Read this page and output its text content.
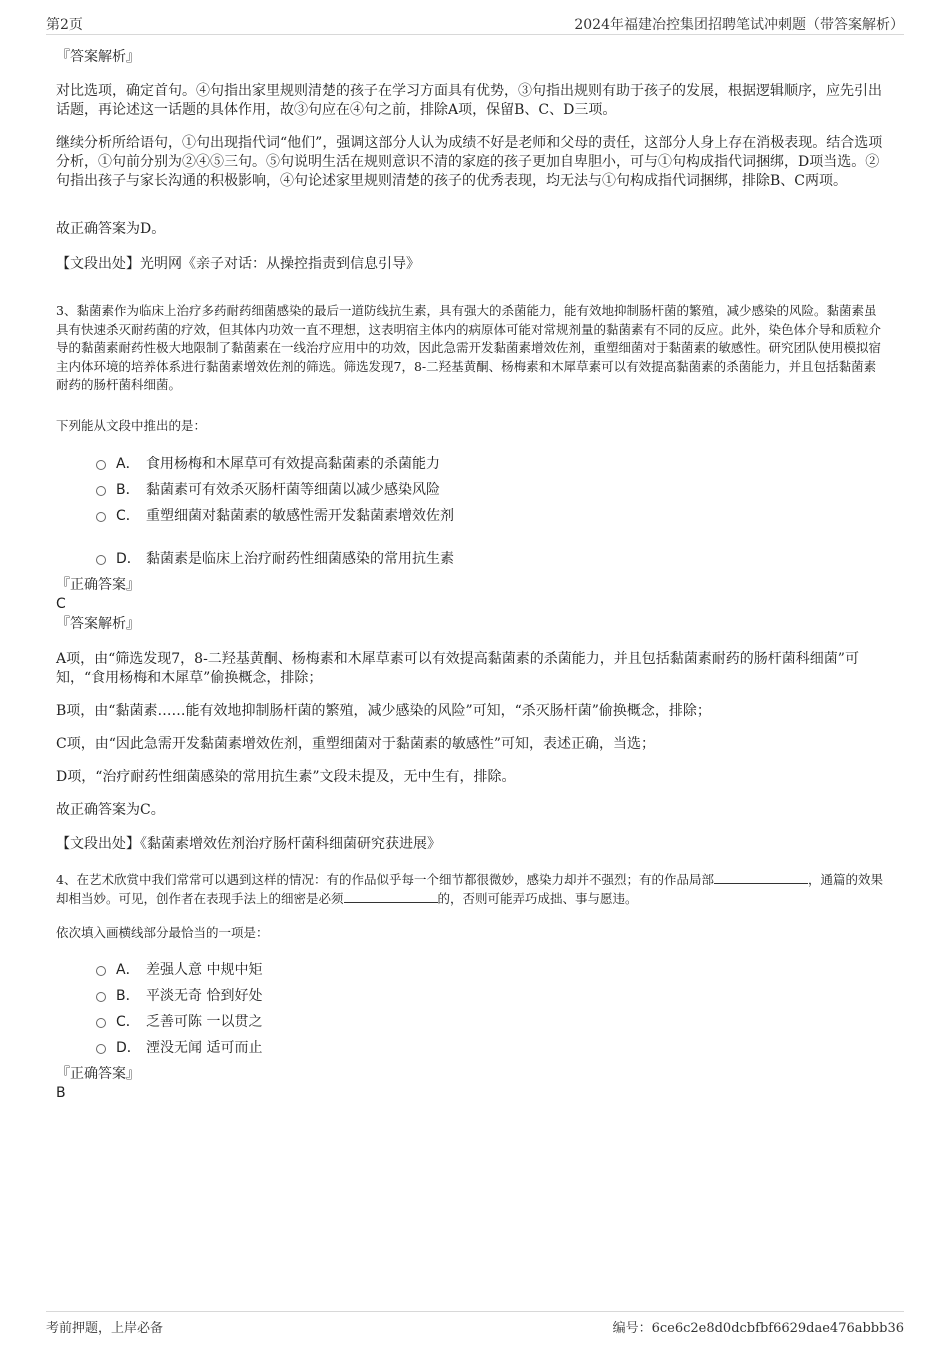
第2页	2024年福建冶控集团招聘笔试冲刺题（带答案解析）
『答案解析』
对比选项，确定首句。④句指出家里规则清楚的孩子在学习方面具有优势，③句指出规则有助于孩子的发展，根据逻辑顺序，应先引出话题，再论述这一话题的具体作用，故③句应在④句之前，排除A项，保留B、C、D三项。
继续分析所给语句，①句出现指代词“他们”，强调这部分人认为成绩不好是老师和父母的责任，这部分人身上存在消极表现。结合选项分析，①句前分别为②④⑤三句。⑤句说明生活在规则意识不清的家庭的孩子更加自卑胆小，可与①句构成指代词捆绑，D项当选。②句指出孩子与家长沟通的积极影响，④句论述家里规则清楚的孩子的优秀表现，均无法与①句构成指代词捆绑，排除B、C两项。
故正确答案为D。
【文段出处】光明网《亲子对话：从操控指责到信息引导》
3、黏菌素作为临床上治疗多药耐药细菌感染的最后一道防线抗生素，具有强大的杀菌能力，能有效地抑制肠杆菌的繁殖，减少感染的风险。黏菌素虽具有快速杀灭耐药菌的疗效，但其体内功效一直不理想，这表明宿主体内的病原体可能对常规剂量的黏菌素有不同的反应。此外，染色体介导和质粒介导的黏菌素耐药性极大地限制了黏菌素在一线治疗应用中的功效，因此急需开发黏菌素增效佐剂，重塑细菌对于黏菌素的敏感性。研究团队使用模拟宿主内体环境的培养体系进行黏菌素增效佐剂的筛选。筛选发现7，8-二羟基黄酮、杨梅素和木犀草素可以有效提高黏菌素的杀菌能力，并且包括黏菌素耐药的肠杆菌科细菌。
下列能从文段中推出的是：
A． 食用杨梅和木犀草可有效提高黏菌素的杀菌能力
B． 黏菌素可有效杀灭肠杆菌等细菌以减少感染风险
C． 重塑细菌对黏菌素的敏感性需开发黏菌素增效佐剂
D． 黏菌素是临床上治疗耐药性细菌感染的常用抗生素
『正确答案』
C
『答案解析』
A项，由“筛选发现7，8-二羟基黄酮、杨梅素和木犀草素可以有效提高黏菌素的杀菌能力，并且包括黏菌素耐药的肠杆菌科细菌”可知，“食用杨梅和木犀草”偷换概念，排除；
B项，由“黏菌素……能有效地抑制肠杆菌的繁殖，减少感染的风险”可知，“杀灭肠杆菌”偷换概念，排除；
C项，由“因此急需开发黏菌素增效佐剂，重塑细菌对于黏菌素的敏感性”可知，表述正确，当选；
D项，“治疗耐药性细菌感染的常用抗生素”文段未提及，无中生有，排除。
故正确答案为C。
【文段出处】《黏菌素增效佐剂治疗肠杆菌科细菌研究获进展》
4、在艺术欣赏中我们常常可以遇到这样的情况：有的作品似乎每一个细节都很微妙，感染力却并不强烈；有的作品局部	，通篇的效果却相当妙。可见，创作者在表现手法上的细密是必须	的，否则可能弄巧成拙、事与愿违。
依次填入画横线部分最恰当的一项是：
A． 差强人意 中规中矩
B． 平淡无奇 恰到好处
C． 乏善可陈 一以贯之
D． 湮没无闻 适可而止
『正确答案』
B
考前押题，上岸必备	编号：6ce6c2e8d0dcbfbf6629dae476abbb36
